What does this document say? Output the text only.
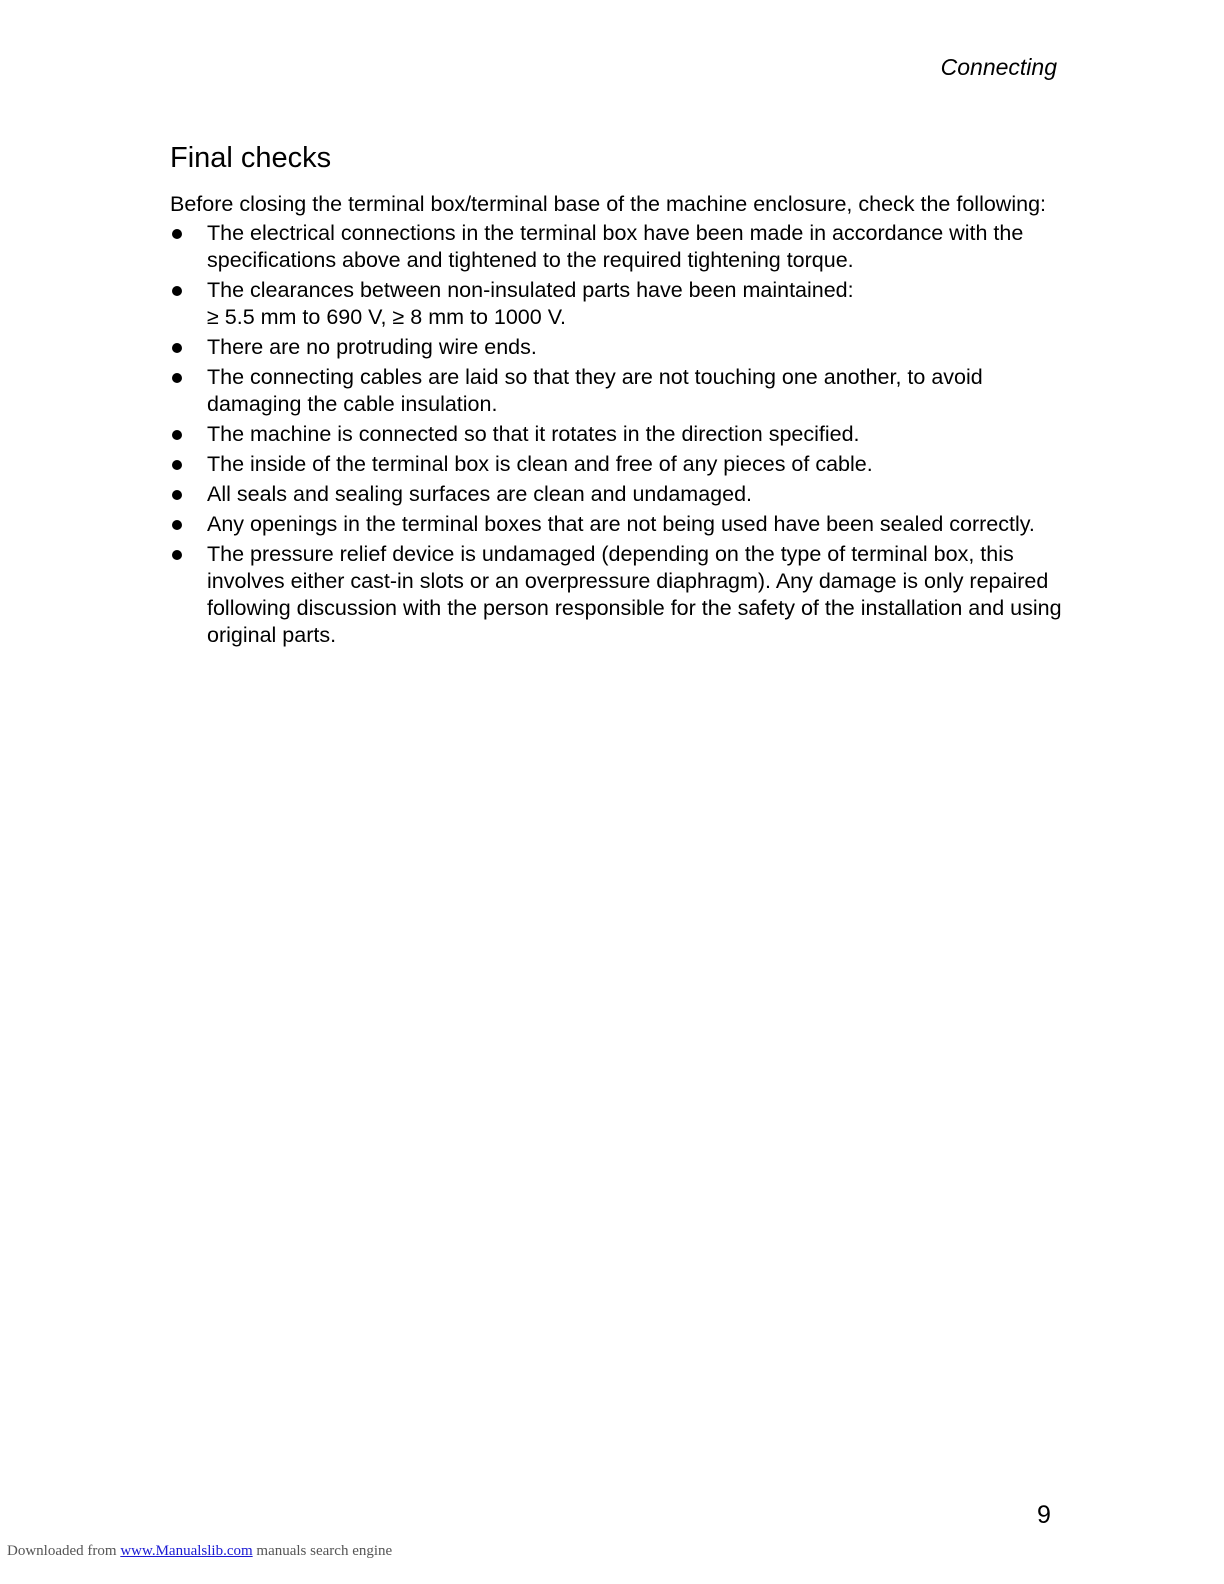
Connecting
Final checks

Before closing the terminal box/terminal base of the machine enclosure, check the following:

The electrical connections in the terminal box have been made in accordance with the specifications above and tightened to the required tightening torque.
The clearances between non-insulated parts have been maintained:
≥ 5.5 mm to 690 V, ≥ 8 mm to 1000 V.
There are no protruding wire ends.
The connecting cables are laid so that they are not touching one another, to avoid damaging the cable insulation.
The machine is connected so that it rotates in the direction specified.
The inside of the terminal box is clean and free of any pieces of cable.
All seals and sealing surfaces are clean and undamaged.
Any openings in the terminal boxes that are not being used have been sealed correctly.
The pressure relief device is undamaged (depending on the type of terminal box, this involves either cast-in slots or an overpressure diaphragm). Any damage is only repaired following discussion with the person responsible for the safety of the installation and using original parts.
9
Downloaded from www.Manualslib.com manuals search engine
